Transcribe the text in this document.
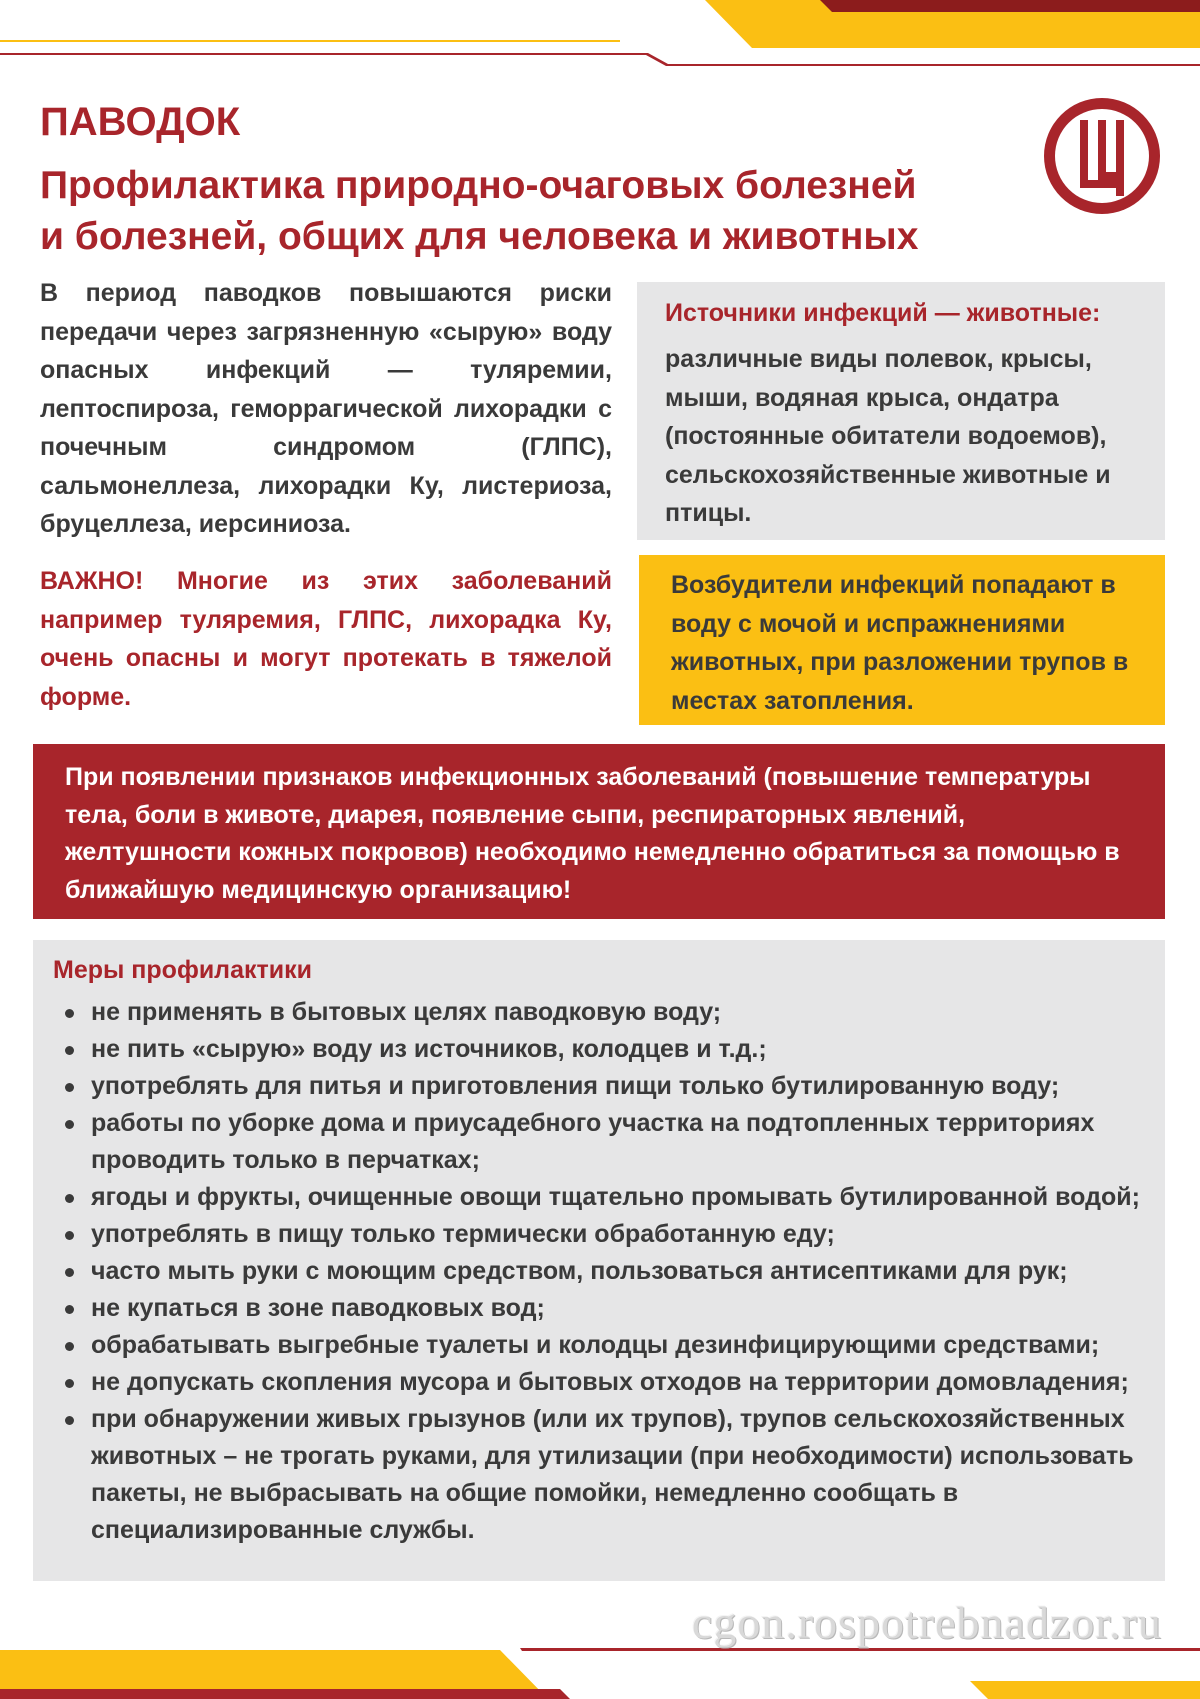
ПАВОДОК
Профилактика природно-очаговых болезней
и болезней, общих для человека и животных

В период паводков повышаются риски передачи через загрязненную «сырую» воду опасных инфекций — туляремии, лептоспироза, геморрагической лихорадки с почечным синдромом (ГЛПС), сальмонеллеза, лихорадки Ку, листериоза, бруцеллеза, иерсиниоза.

ВАЖНО! Многие из этих заболеваний например туляремия, ГЛПС, лихорадка Ку, очень опасны и могут протекать в тяжелой форме.

Источники инфекций — животные:

различные виды полевок, крысы, мыши, водяная крыса, ондатра (постоянные обитатели водоемов), сельскохозяйственные животные и птицы.

Возбудители инфекций попадают в воду с мочой и испражнениями животных, при разложении трупов в местах затопления.

При появлении признаков инфекционных заболеваний (повышение температуры тела, боли в животе, диарея, появление сыпи, респираторных явлений, желтушности кожных покровов) необходимо немедленно обратиться за помощью в ближайшую медицинскую организацию!

Меры профилактики

не применять в бытовых целях паводковую воду;
не пить «сырую» воду из источников, колодцев и т.д.;
употреблять для питья и приготовления пищи только бутилированную воду;
работы по уборке дома и приусадебного участка на подтопленных территориях проводить только в перчатках;
ягоды и фрукты, очищенные овощи тщательно промывать бутилированной водой;
употреблять в пищу только термически обработанную еду;
часто мыть руки с моющим средством, пользоваться антисептиками для рук;
не купаться в зоне паводковых вод;
обрабатывать выгребные туалеты и колодцы дезинфицирующими средствами;
не допускать скопления мусора и бытовых отходов на территории домовладения;
при обнаружении живых грызунов (или их трупов), трупов сельскохозяйственных животных – не трогать руками, для утилизации (при необходимости) использовать пакеты, не выбрасывать на общие помойки, немедленно сообщать в специализированные службы.

cgon.rospotrebnadzor.ru
